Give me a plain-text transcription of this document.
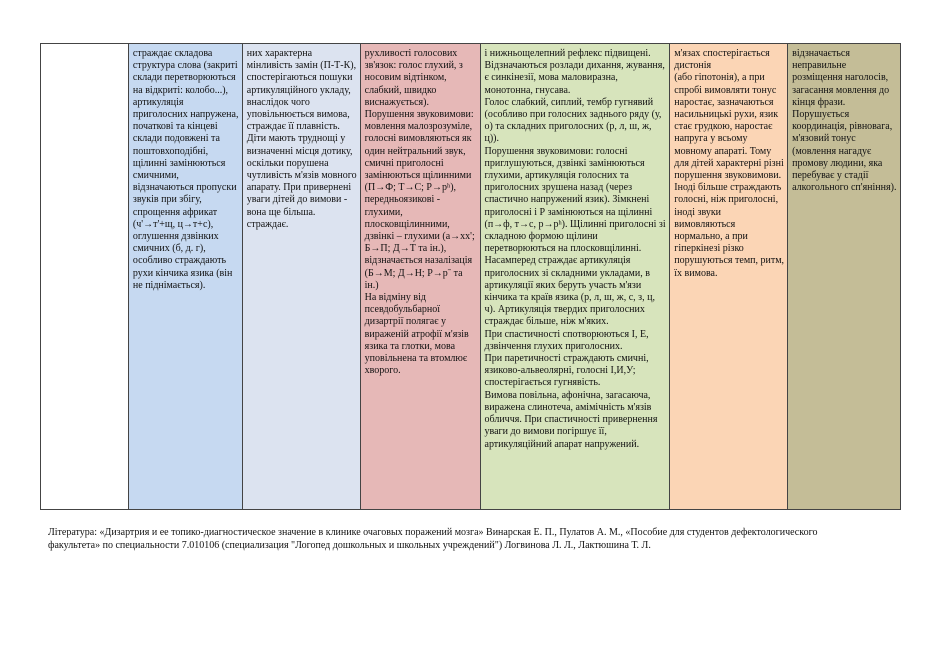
страждає складова структура слова (закриті склади перетворюються на відкриті: колобо...), артикуляція приголосних напружена, початкові та кінцеві склади подовжені та поштовхоподібні, щілинні замінюються смичними, відзначаються пропуски звуків при збігу, спрощення африкат (ч'→т'+щ, ц→т+с), оглушення дзвінких смичних (б, д. г), особливо страждають рухи кінчика язика (він не піднімається).

них характерна мінливість замін (П-Т-К), спостерігаються пошуки артикуляційного укладу, внаслідок чого уповільнюється вимова, страждає її плавність.
Діти мають труднощі у визначенні місця дотику, оскільки порушена чутливість м'язів мовного апарату. При привернені уваги дітей до вимови - вона ще більша. страждає.

рухливості голосових зв'язок: голос глухий, з носовим відтінком, слабкий, швидко виснажується).
Порушення звуковимови: мовлення малозрозуміле, голосні вимовляються як один нейтральний звук, смичні приголосні замінюються щілинними (П→Ф; Т→С; Р→рʰ), передньоязикові - глухими, плосковщілинними, дзвінкі – глухими (а→хх'; Б→П; Д→Т та ін.), відзначається назалізація (Б→М; Д→Н; Р→рˉ та ін.)
На відміну від псевдобульбарної дизартрії полягає у вираженій атрофії м'язів язика та глотки, мова уповільнена та втомлює хворого.

і нижньощелепний рефлекс підвищені. Відзначаються розлади дихання, жування, є синкінезії, мова маловиразна, монотонна, гнусава.
Голос слабкий, сиплий, тембр гугнявий (особливо при голосних заднього ряду (у, о) та складних приголосних (р, л, ш, ж, ц)).
Порушення звуковимови: голосні приглушуються, дзвінкі замінюються глухими, артикуляція голосних та приголосних зрушена назад (через спастично напружений язик). Зімкнені приголосні і Р замінюються на щілинні (п→ф, т→с, р→рʰ). Щілинні приголосні зі складною формою щілини перетворюються на плосковщілинні. Насамперед страждає артикуляція приголосних зі складними укладами, в артикуляції яких беруть участь м'язи кінчика та країв язика (р, л, ш, ж, с, з, ц, ч). Артикуляція твердих приголосних страждає більше, ніж м'яких.
При спастичності спотворюються І, Е, дзвінчення глухих приголосних.
При паретичності страждають смичні, язиково-альвеолярні, голосні І,И,У; спостерігається гугнявість.
Вимова повільна, афонічна, загасаюча, виражена слинотеча, амімічність м'язів обличчя. При спастичності привернення уваги до вимови погіршує її, артикуляційний апарат напружений.

м'язах спостерігається дистонія
(або гіпотонія), а при спробі вимовляти тонус наростає, зазначаються насильницькі рухи, язик стає грудкою, наростає напруга у всьому мовному апараті. Тому для дітей характерні різні порушення звуковимови. Іноді більше страждають голосні, ніж приголосні, іноді звуки вимовляються нормально, а при гіперкінезі різко порушуються темп, ритм, їх вимова.

відзначається неправильне розміщення наголосів, загасання мовлення до кінця фрази. Порушується координація, рівновага, м'язовий тонус (мовлення нагадує промову людини, яка перебуває у стадії алкогольного сп'яніння).

Література: «Дизартрия и ее топико-диагностическое значение в клинике очаговых поражений мозга» Винарская Е. П., Пулатов А. М., «Пособие для студентов дефектологического факультета» по специальности 7.010106 (специализация "Логопед дошкольных и школьных учреждений") Логвинова Л. Л., Лактюшина Т. Л.
